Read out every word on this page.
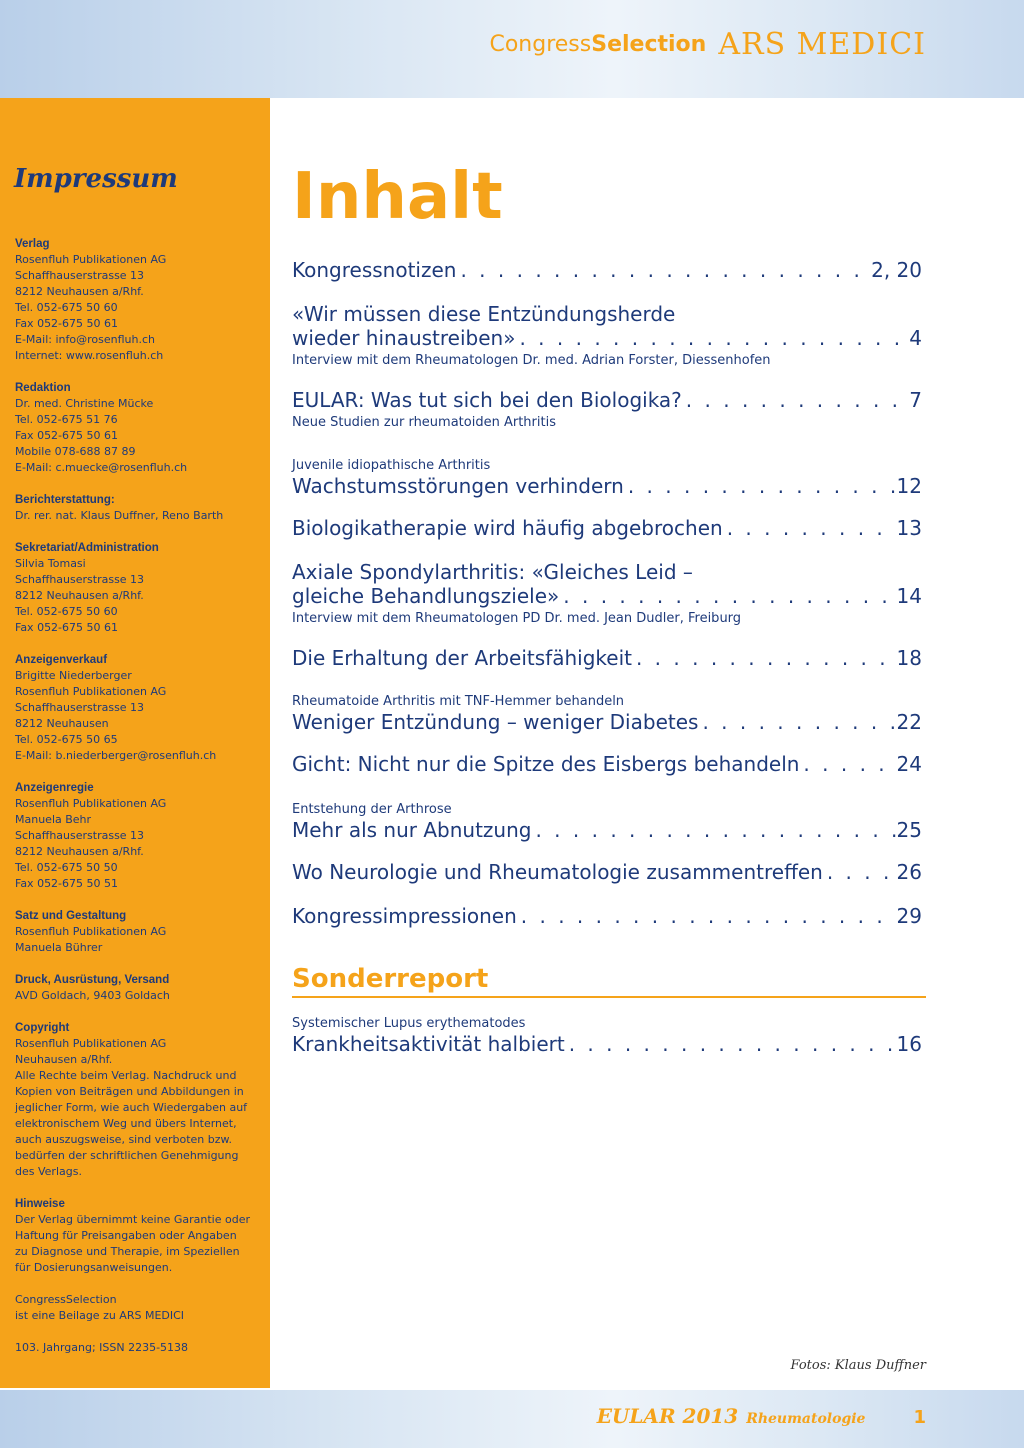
CongressSelection ARS MEDICI
Impressum
Verlag
Rosenfluh Publikationen AG
Schaffhauserstrasse 13
8212 Neuhausen a/Rhf.
Tel. 052-675 50 60
Fax 052-675 50 61
E-Mail: info@rosenfluh.ch
Internet: www.rosenfluh.ch
Redaktion
Dr. med. Christine Mücke
Tel. 052-675 51 76
Fax 052-675 50 61
Mobile 078-688 87 89
E-Mail: c.muecke@rosenfluh.ch
Berichterstattung:
Dr. rer. nat. Klaus Duffner, Reno Barth
Sekretariat/Administration
Silvia Tomasi
Schaffhauserstrasse 13
8212 Neuhausen a/Rhf.
Tel. 052-675 50 60
Fax 052-675 50 61
Anzeigenverkauf
Brigitte Niederberger
Rosenfluh Publikationen AG
Schaffhauserstrasse 13
8212 Neuhausen
Tel. 052-675 50 65
E-Mail: b.niederberger@rosenfluh.ch
Anzeigenregie
Rosenfluh Publikationen AG
Manuela Behr
Schaffhauserstrasse 13
8212 Neuhausen a/Rhf.
Tel. 052-675 50 50
Fax 052-675 50 51
Satz und Gestaltung
Rosenfluh Publikationen AG
Manuela Bührer
Druck, Ausrüstung, Versand
AVD Goldach, 9403 Goldach
Copyright
Rosenfluh Publikationen AG
Neuhausen a/Rhf.
Alle Rechte beim Verlag. Nachdruck und
Kopien von Beiträgen und Abbildungen in
jeglicher Form, wie auch Wiedergaben auf
elektronischem Weg und übers Internet,
auch auszugsweise, sind verboten bzw.
bedürfen der schriftlichen Genehmigung
des Verlags.
Hinweise
Der Verlag übernimmt keine Garantie oder
Haftung für Preisangaben oder Angaben
zu Diagnose und Therapie, im Speziellen
für Dosierungsanweisungen.
CongressSelection
ist eine Beilage zu ARS MEDICI
103. Jahrgang; ISSN 2235-5138
Inhalt
Kongressnotizen . . .	2, 20
«Wir müssen diese Entzündungsherde
wieder hinaustreiben» . . .	4
Interview mit dem Rheumatologen Dr. med. Adrian Forster, Diessenhofen
EULAR: Was tut sich bei den Biologika? . . .	7
Neue Studien zur rheumatoiden Arthritis
Juvenile idiopathische Arthritis
Wachstumsstörungen verhindern . . .	12
Biologikatherapie wird häufig abgebrochen . . .	13
Axiale Spondylarthritis: «Gleiches Leid –
gleiche Behandlungsziele» . . .	14
Interview mit dem Rheumatologen PD Dr. med. Jean Dudler, Freiburg
Die Erhaltung der Arbeitsfähigkeit . . .	18
Rheumatoide Arthritis mit TNF-Hemmer behandeln
Weniger Entzündung – weniger Diabetes . . .	22
Gicht: Nicht nur die Spitze des Eisbergs behandeln . . .	24
Entstehung der Arthrose
Mehr als nur Abnutzung . . .	25
Wo Neurologie und Rheumatologie zusammentreffen . . .	26
Kongressimpressionen . . .	29
Sonderreport
Systemischer Lupus erythematodes
Krankheitsaktivität halbiert . . .	16
Fotos: Klaus Duffner
EULAR 2013 Rheumatologie	1
